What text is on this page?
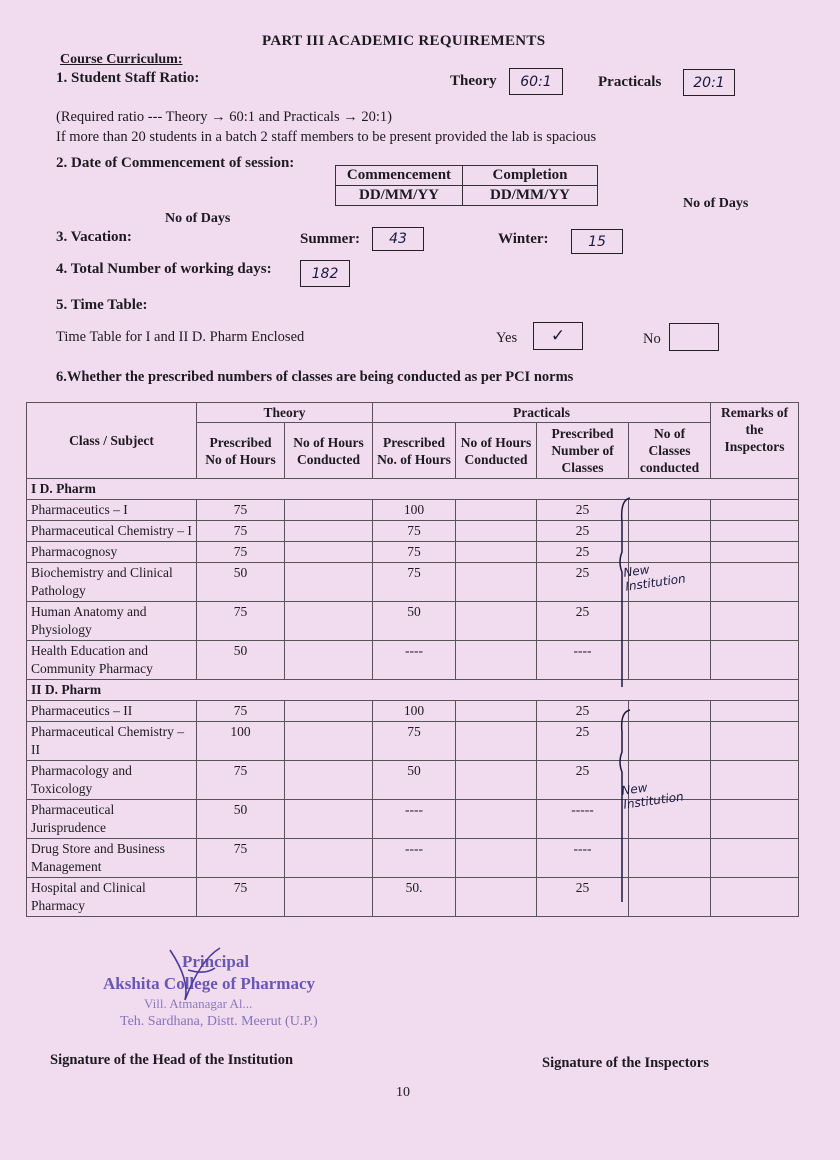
PART III ACADEMIC REQUIREMENTS
Course Curriculum:
1. Student Staff Ratio:	Theory	60:1	Practicals	20:1
(Required ratio --- Theory → 60:1 and Practicals → 20:1)
If more than 20 students in a batch 2 staff members to be present provided the lab is spacious
2. Date of Commencement of session:
Commencement	Completion
DD/MM/YY	DD/MM/YY
No of Days
No of Days
3. Vacation:	Summer:	43	Winter:	15
4. Total Number of working days:	182
5. Time Table:
Time Table for I and II D. Pharm Enclosed	Yes	✓	No
6.Whether the prescribed numbers of classes are being conducted as per PCI norms
Class / Subject	Theory		Practicals				Remarks of the Inspectors
	Prescribed No of Hours	No of Hours Conducted	Prescribed No. of Hours	No of Hours Conducted	Prescribed Number of Classes	No of Classes conducted	
I D. Pharm							
Pharmaceutics – I	75		100		25		
Pharmaceutical Chemistry – I	75		75		25		
Pharmacognosy	75		75		25		
Biochemistry and Clinical Pathology	50		75		25		
Human Anatomy and Physiology	75		50		25		
Health Education and Community Pharmacy	50		----		----		
II D. Pharm							
Pharmaceutics – II	75		100		25		
Pharmaceutical Chemistry – II	100		75		25		
Pharmacology and Toxicology	75		50		25		
Pharmaceutical Jurisprudence	50		----		-----		
Drug Store and Business Management	75		----		----		
Hospital and Clinical Pharmacy	75		50.		25		
New Institution
New Institution
Principal
Akshita College of Pharmacy
Vill. Atmanagar Al...
Teh. Sardhana, Distt. Meerut (U.P.)
Signature of the Head of the Institution	Signature of the Inspectors
10
